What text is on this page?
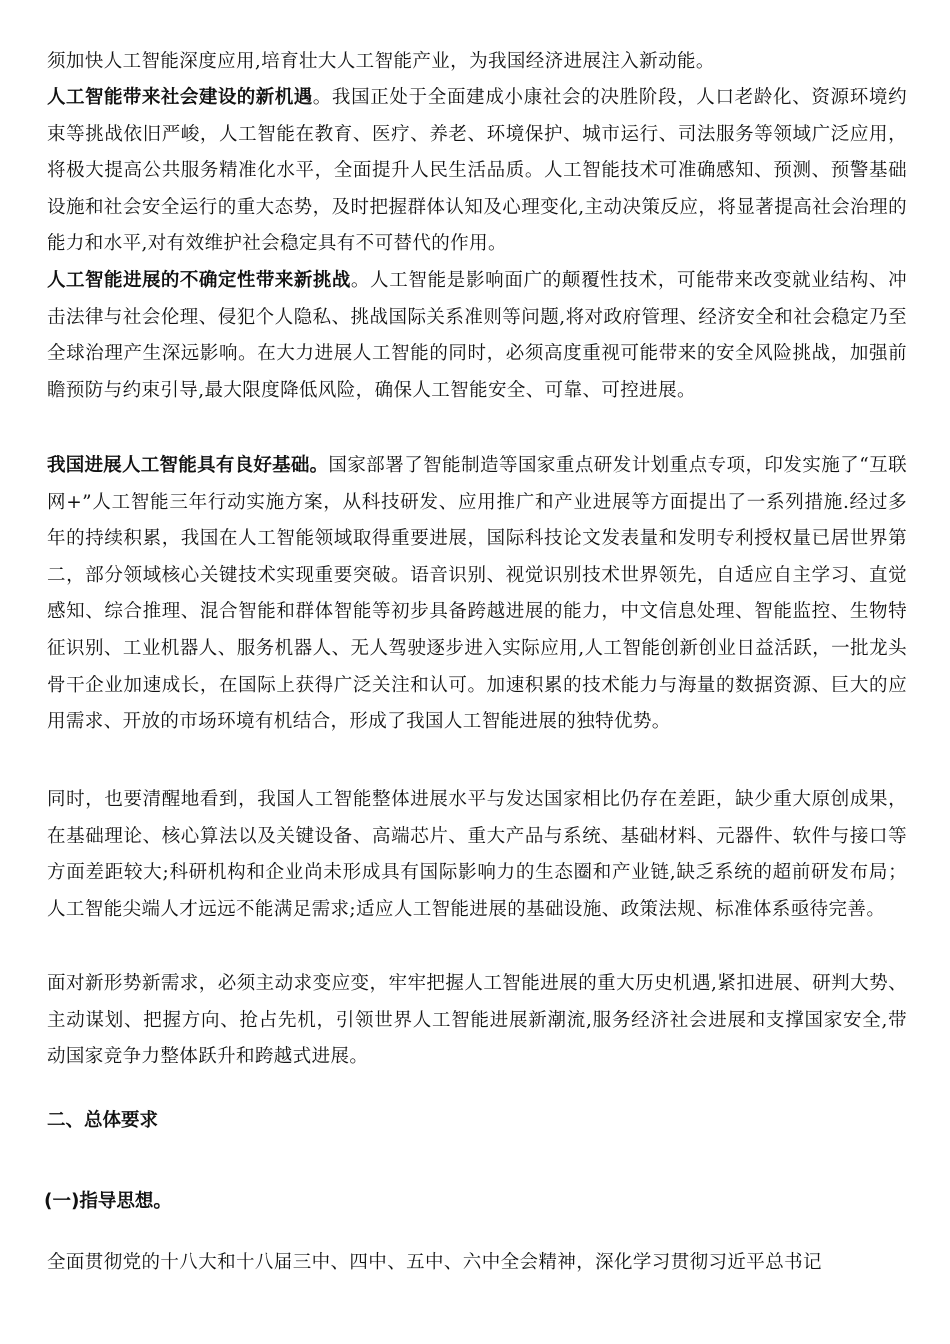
须加快人工智能深度应用,培育壮大人工智能产业，为我国经济进展注入新动能。
人工智能带来社会建设的新机遇。我国正处于全面建成小康社会的决胜阶段，人口老龄化、资源环境约束等挑战依旧严峻，人工智能在教育、医疗、养老、环境保护、城市运行、司法服务等领域广泛应用，将极大提高公共服务精准化水平，全面提升人民生活品质。人工智能技术可准确感知、预测、预警基础设施和社会安全运行的重大态势，及时把握群体认知及心理变化,主动决策反应，将显著提高社会治理的能力和水平,对有效维护社会稳定具有不可替代的作用。
人工智能进展的不确定性带来新挑战。人工智能是影响面广的颠覆性技术，可能带来改变就业结构、冲击法律与社会伦理、侵犯个人隐私、挑战国际关系准则等问题,将对政府管理、经济安全和社会稳定乃至全球治理产生深远影响。在大力进展人工智能的同时，必须高度重视可能带来的安全风险挑战，加强前瞻预防与约束引导,最大限度降低风险，确保人工智能安全、可靠、可控进展。
我国进展人工智能具有良好基础。国家部署了智能制造等国家重点研发计划重点专项，印发实施了“互联网+”人工智能三年行动实施方案，从科技研发、应用推广和产业进展等方面提出了一系列措施.经过多年的持续积累，我国在人工智能领域取得重要进展，国际科技论文发表量和发明专利授权量已居世界第二，部分领域核心关键技术实现重要突破。语音识别、视觉识别技术世界领先，自适应自主学习、直觉感知、综合推理、混合智能和群体智能等初步具备跨越进展的能力，中文信息处理、智能监控、生物特征识别、工业机器人、服务机器人、无人驾驶逐步进入实际应用,人工智能创新创业日益活跃，一批龙头骨干企业加速成长，在国际上获得广泛关注和认可。加速积累的技术能力与海量的数据资源、巨大的应用需求、开放的市场环境有机结合，形成了我国人工智能进展的独特优势。
同时，也要清醒地看到，我国人工智能整体进展水平与发达国家相比仍存在差距，缺少重大原创成果，在基础理论、核心算法以及关键设备、高端芯片、重大产品与系统、基础材料、元器件、软件与接口等方面差距较大;科研机构和企业尚未形成具有国际影响力的生态圈和产业链,缺乏系统的超前研发布局；人工智能尖端人才远远不能满足需求;适应人工智能进展的基础设施、政策法规、标准体系亟待完善。
面对新形势新需求，必须主动求变应变，牢牢把握人工智能进展的重大历史机遇,紧扣进展、研判大势、主动谋划、把握方向、抢占先机，引领世界人工智能进展新潮流,服务经济社会进展和支撑国家安全,带动国家竞争力整体跃升和跨越式进展。
二、总体要求
(一)指导思想。
全面贯彻党的十八大和十八届三中、四中、五中、六中全会精神，深化学习贯彻习近平总书记
